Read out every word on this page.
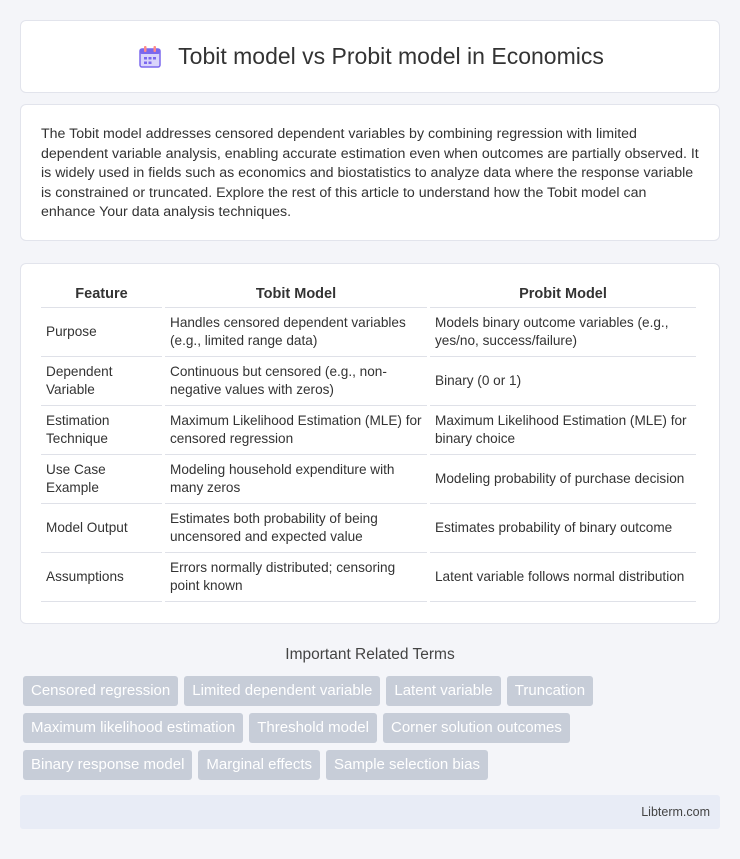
Tobit model vs Probit model in Economics

The Tobit model addresses censored dependent variables by combining regression with limited dependent variable analysis, enabling accurate estimation even when outcomes are partially observed. It is widely used in fields such as economics and biostatistics to analyze data where the response variable is constrained or truncated. Explore the rest of this article to understand how the Tobit model can enhance Your data analysis techniques.

Feature	Tobit Model	Probit Model
Purpose	Handles censored dependent variables (e.g., limited range data)	Models binary outcome variables (e.g., yes/no, success/failure)
Dependent Variable	Continuous but censored (e.g., non-negative values with zeros)	Binary (0 or 1)
Estimation Technique	Maximum Likelihood Estimation (MLE) for censored regression	Maximum Likelihood Estimation (MLE) for binary choice
Use Case Example	Modeling household expenditure with many zeros	Modeling probability of purchase decision
Model Output	Estimates both probability of being uncensored and expected value	Estimates probability of binary outcome
Assumptions	Errors normally distributed; censoring point known	Latent variable follows normal distribution
Important Related Terms
Censored regression	Limited dependent variable	Latent variable	Truncation
Maximum likelihood estimation	Threshold model	Corner solution outcomes
Binary response model	Marginal effects	Sample selection bias
Libterm.com
